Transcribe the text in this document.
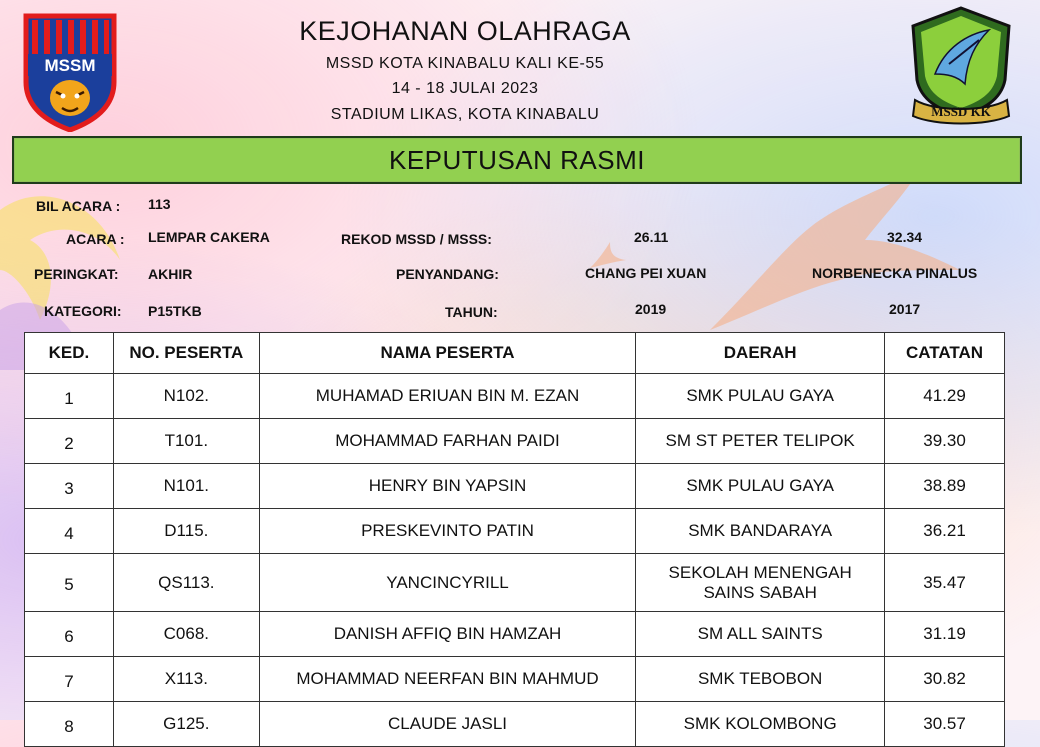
MSSM
MSSD KK
KEJOHANAN OLAHRAGA
MSSD KOTA KINABALU KALI KE-55
14 - 18 JULAI 2023
STADIUM LIKAS, KOTA KINABALU
KEPUTUSAN RASMI
BIL ACARA : 113
ACARA : LEMPAR CAKERA
PERINGKAT: AKHIR
KATEGORI: P15TKB
REKOD MSSD / MSSS:	26.11	32.34
PENYANDANG:	CHANG PEI XUAN	NORBENECKA PINALUS
TAHUN:	2019	2017
KED.	NO. PESERTA	NAMA PESERTA	DAERAH	CATATAN
1	N102.	MUHAMAD ERIUAN BIN M. EZAN	SMK PULAU GAYA	41.29
2	T101.	MOHAMMAD FARHAN PAIDI	SM ST PETER TELIPOK	39.30
3	N101.	HENRY BIN YAPSIN	SMK PULAU GAYA	38.89
4	D115.	PRESKEVINTO PATIN	SMK BANDARAYA	36.21
5	QS113.	YANCINCYRILL	SEKOLAH MENENGAH SAINS SABAH	35.47
6	C068.	DANISH AFFIQ BIN HAMZAH	SM ALL SAINTS	31.19
7	X113.	MOHAMMAD NEERFAN BIN MAHMUD	SMK TEBOBON	30.82
8	G125.	CLAUDE JASLI	SMK KOLOMBONG	30.57
